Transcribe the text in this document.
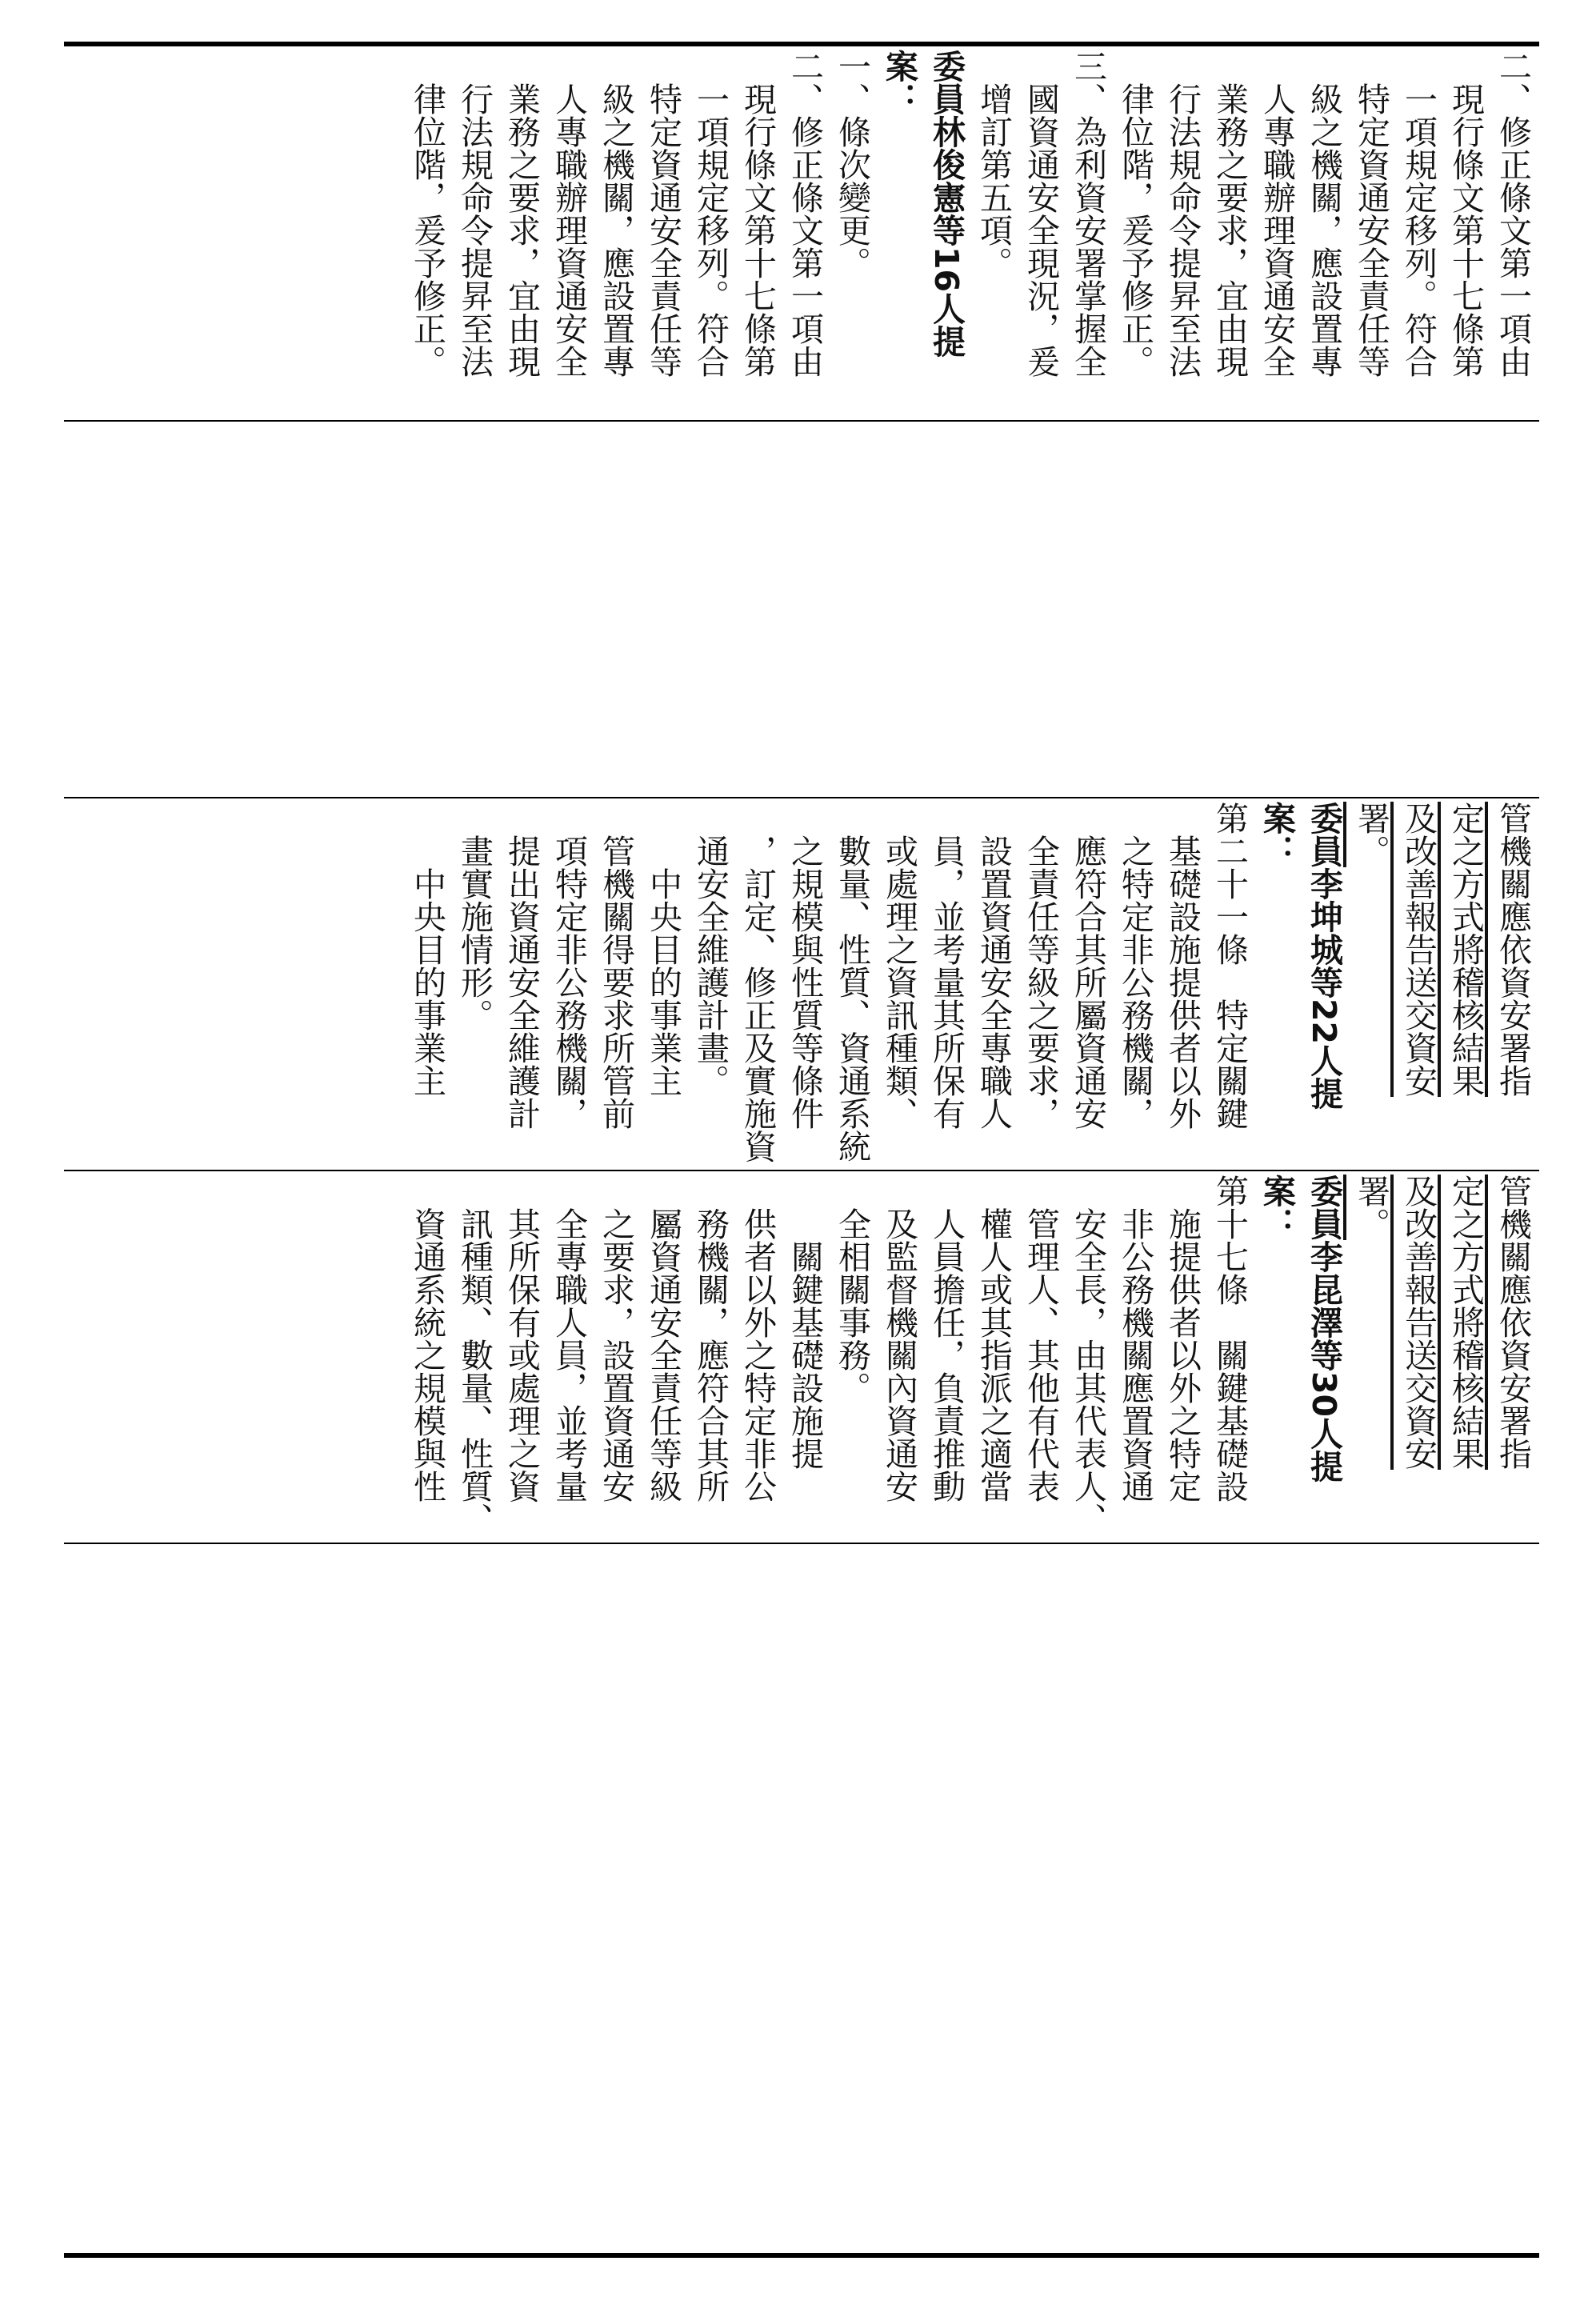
二、修正條文第一項由

　現行條文第十七條第

　一項規定移列。符合

　特定資通安全責任等

　級之機關，應設置專

　人專職辦理資通安全

　業務之要求，宜由現

　行法規命令提昇至法

　律位階，爰予修正。

三、為利資安署掌握全

　國資通安全現況，爰

　增訂第五項。

委員林俊憲等16人提案：

一、條次變更。

二、修正條文第一項由

　現行條文第十七條第

　一項規定移列。符合

　特定資通安全責任等

　級之機關，應設置專

　人專職辦理資通安全

　業務之要求，宜由現

　行法規命令提昇至法

　律位階，爰予修正。

管機關應依資安署指

定之方式將稽核結果

及改善報告送交資安

署。

委員李坤城等22人提案：

第二十一條　特定關鍵

　基礎設施提供者以外

　之特定非公務機關，

　應符合其所屬資通安

　全責任等級之要求，

　設置資通安全專職人

　員，並考量其所保有

　或處理之資訊種類、

　數量、性質、資通系統

　之規模與性質等條件

　，訂定、修正及實施資

　通安全維護計畫。

　　中央目的事業主

　管機關得要求所管前

　項特定非公務機關，

　提出資通安全維護計

　畫實施情形。

　　中央目的事業主

管機關應依資安署指

定之方式將稽核結果

及改善報告送交資安

署。

委員李昆澤等30人提案：

第十七條　關鍵基礎設

　施提供者以外之特定

　非公務機關應置資通

　安全長，由其代表人、

　管理人、其他有代表

　權人或其指派之適當

　人員擔任，負責推動

　及監督機關內資通安

　全相關事務。

　　關鍵基礎設施提

　供者以外之特定非公

　務機關，應符合其所

　屬資通安全責任等級

　之要求，設置資通安

　全專職人員，並考量

　其所保有或處理之資

　訊種類、數量、性質、

　資通系統之規模與性
